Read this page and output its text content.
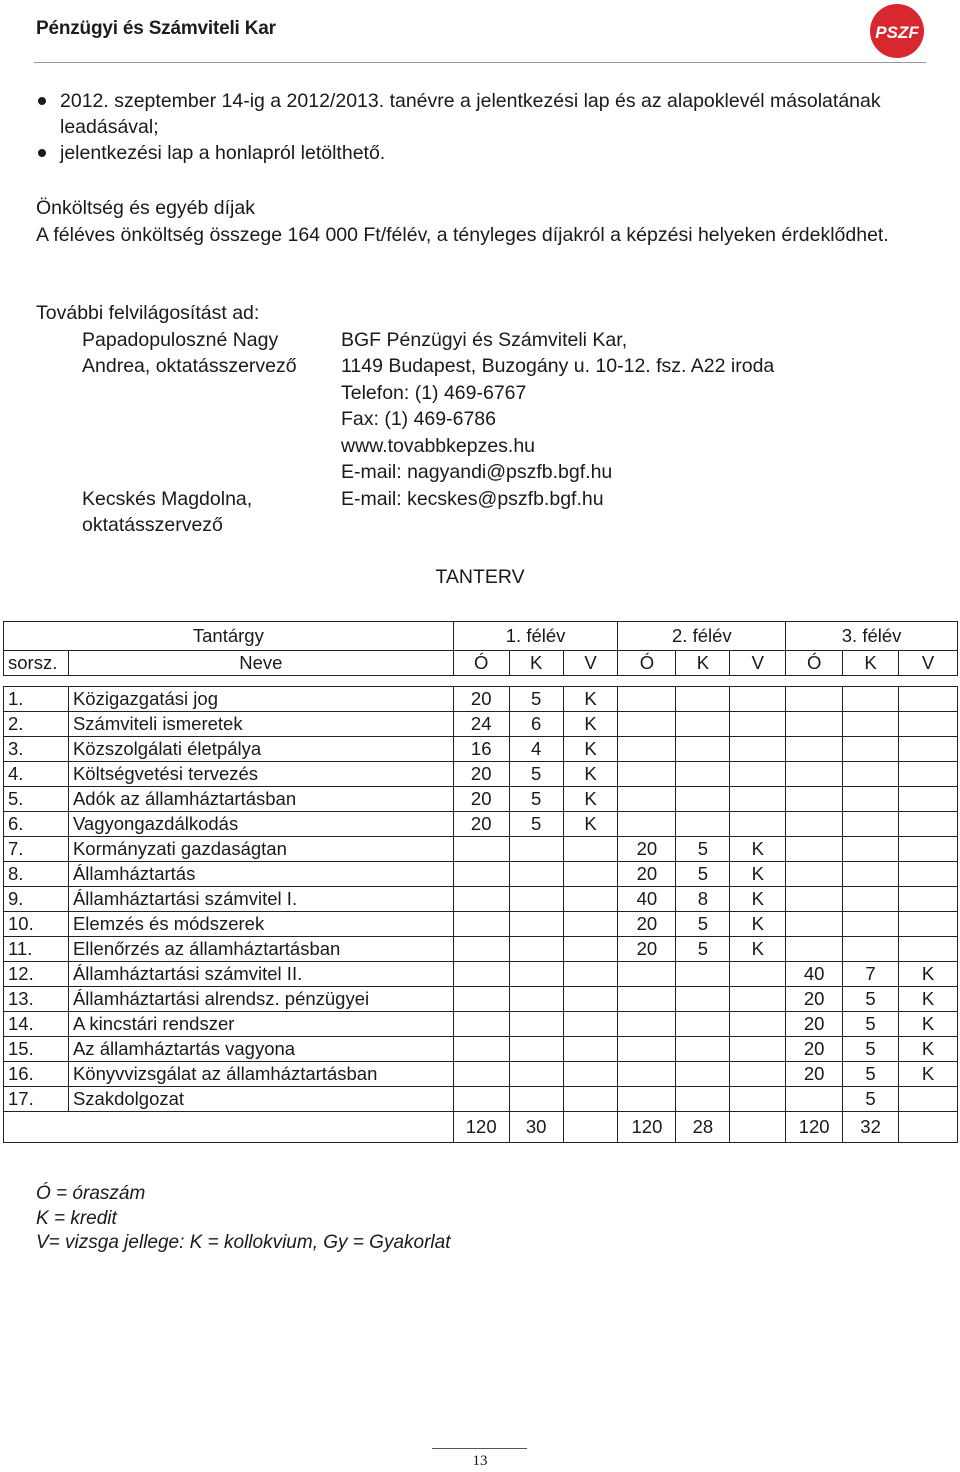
Pénzügyi és Számviteli Kar	PSZF
2012. szeptember 14-ig a 2012/2013. tanévre a jelentkezési lap és az alapoklevél másolatának leadásával;
jelentkezési lap a honlapról letölthető.
Önköltség és egyéb díjak
A féléves önköltség összege 164 000 Ft/félév, a tényleges díjakról a képzési helyeken érdeklődhet.
További felvilágosítást ad:
Papadopuloszné Nagy
Andrea, oktatásszervező
BGF Pénzügyi és Számviteli Kar,
1149 Budapest, Buzogány u. 10-12. fsz. A22 iroda
Telefon: (1) 469-6767
Fax: (1) 469-6786
www.tovabbkepzes.hu
E-mail: nagyandi@pszfb.bgf.hu
Kecskés Magdolna,
oktatásszervező
E-mail: kecskes@pszfb.bgf.hu
TANTERV
Tantárgy		1. félév			2. félév			3. félév		
sorsz.	Neve	Ó	K	V	Ó	K	V	Ó	K	V

1.	Közigazgatási jog	20	5	K						
2.	Számviteli ismeretek	24	6	K						
3.	Közszolgálati életpálya	16	4	K						
4.	Költségvetési tervezés	20	5	K						
5.	Adók az államháztartásban	20	5	K						
6.	Vagyongazdálkodás	20	5	K						
7.	Kormányzati gazdaságtan				20	5	K			
8.	Államháztartás				20	5	K			
9.	Államháztartási számvitel I.				40	8	K			
10.	Elemzés és módszerek				20	5	K			
11.	Ellenőrzés az államháztartásban				20	5	K			
12.	Államháztartási számvitel II.							40	7	K
13.	Államháztartási alrendsz. pénzügyei							20	5	K
14.	A kincstári rendszer							20	5	K
15.	Az államháztartás vagyona							20	5	K
16.	Könyvvizsgálat az államháztartásban							20	5	K
17.	Szakdolgozat								5	
		120	30		120	28		120	32	
Ó = óraszám
K = kredit
V= vizsga jellege: K = kollokvium, Gy = Gyakorlat
13
